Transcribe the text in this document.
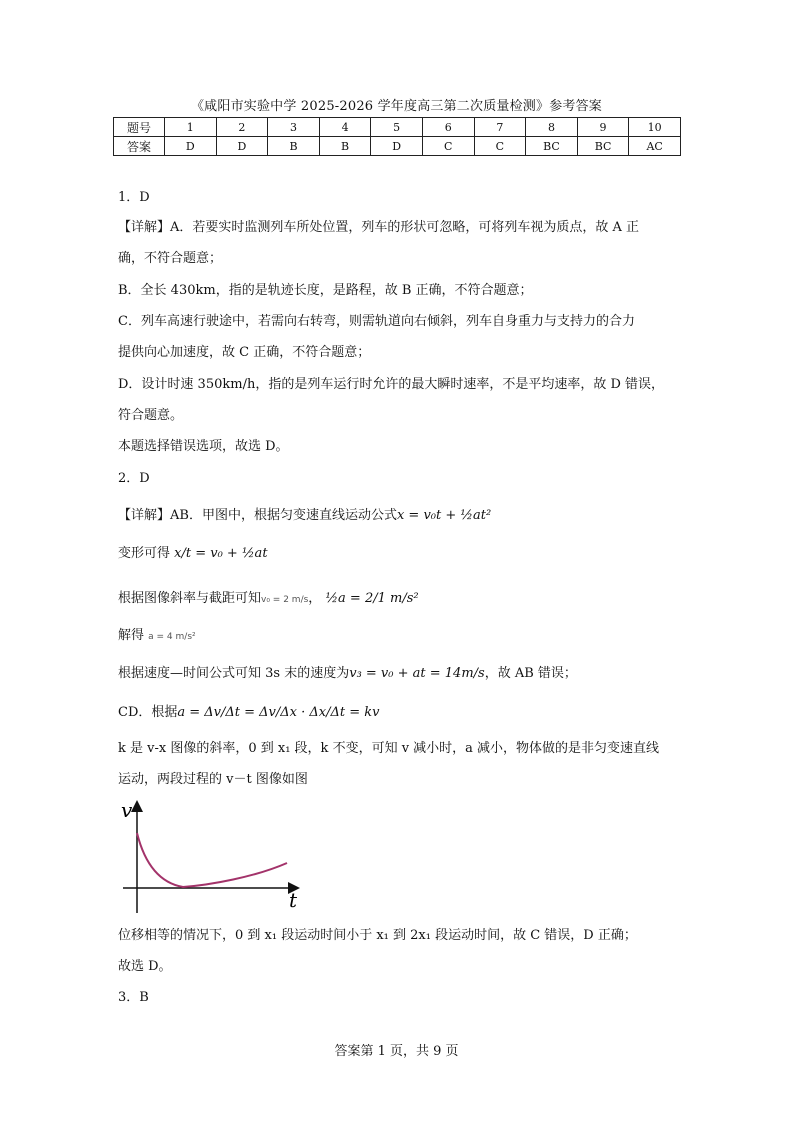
《咸阳市实验中学 2025-2026 学年度高三第二次质量检测》参考答案
题号	1	2	3	4	5	6	7	8	9	10
答案	D	D	B	B	D	C	C	BC	BC	AC
1．D
【详解】A．若要实时监测列车所处位置，列车的形状可忽略，可将列车视为质点，故 A 正
确，不符合题意；
B．全长 430km，指的是轨迹长度，是路程，故 B 正确，不符合题意；
C．列车高速行驶途中，若需向右转弯，则需轨道向右倾斜，列车自身重力与支持力的合力
提供向心加速度，故 C 正确，不符合题意；
D．设计时速 350km/h，指的是列车运行时允许的最大瞬时速率，不是平均速率，故 D 错误，
符合题意。
本题选择错误选项，故选 D。
2．D
【详解】AB．甲图中，根据匀变速直线运动公式x = v₀t + ½at²
变形可得 x/t = v₀ + ½at
根据图像斜率与截距可知v₀ = 2 m/s， ½a = 2/1 m/s²
解得 a = 4 m/s²
根据速度—时间公式可知 3s 末的速度为v₃ = v₀ + at = 14m/s，故 AB 错误；
CD．根据a = Δv/Δt = Δv/Δx · Δx/Δt = kv
k 是 v-x 图像的斜率，0 到 x₁ 段，k 不变，可知 v 减小时，a 减小，物体做的是非匀变速直线
运动，两段过程的 v－t 图像如图
v
t
位移相等的情况下，0 到 x₁ 段运动时间小于 x₁ 到 2x₁ 段运动时间，故 C 错误，D 正确；
故选 D。
3．B
答案第 1 页，共 9 页
